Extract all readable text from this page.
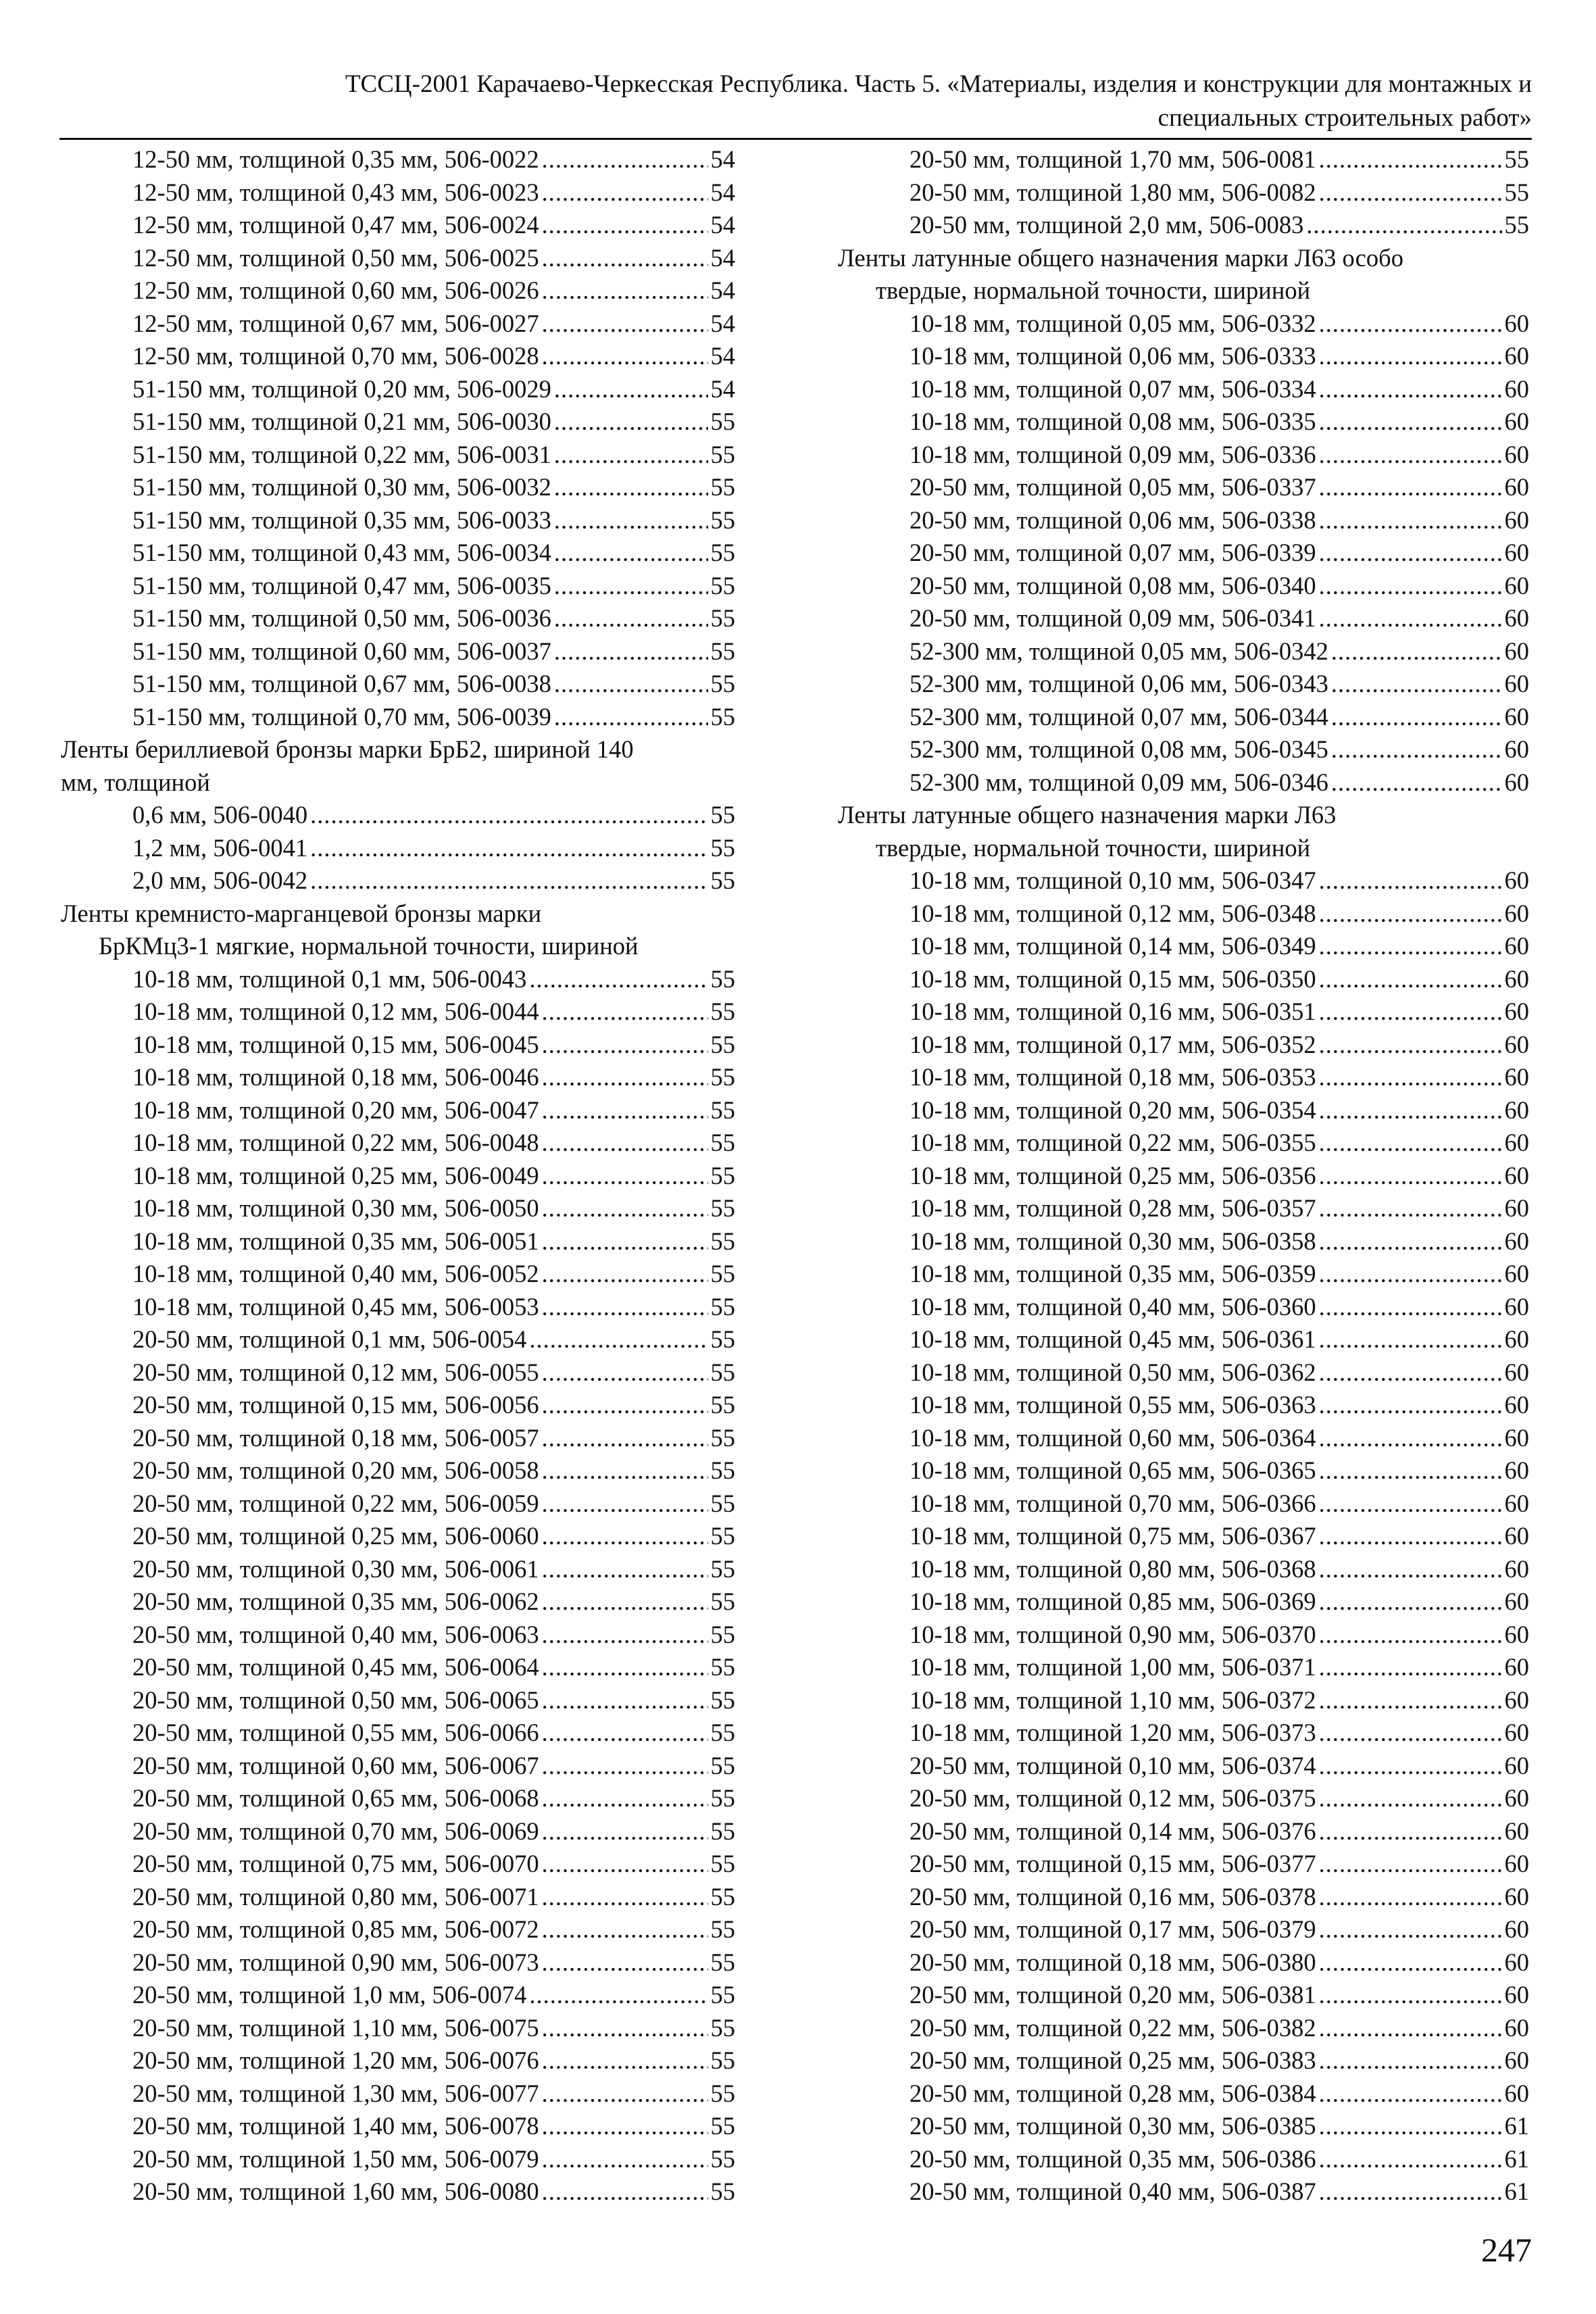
ТССЦ-2001 Карачаево-Черкесская Республика. Часть 5. «Материалы, изделия и конструкции для монтажных и
специальных строительных работ»
12-50 мм, толщиной 0,35 мм, 506-0022 .....	54
12-50 мм, толщиной 0,43 мм, 506-0023 .....	54
12-50 мм, толщиной 0,47 мм, 506-0024 .....	54
12-50 мм, толщиной 0,50 мм, 506-0025 .....	54
12-50 мм, толщиной 0,60 мм, 506-0026 .....	54
12-50 мм, толщиной 0,67 мм, 506-0027 .....	54
12-50 мм, толщиной 0,70 мм, 506-0028 .....	54
51-150 мм, толщиной 0,20 мм, 506-0029 .....	54
51-150 мм, толщиной 0,21 мм, 506-0030 .....	55
51-150 мм, толщиной 0,22 мм, 506-0031 .....	55
51-150 мм, толщиной 0,30 мм, 506-0032 .....	55
51-150 мм, толщиной 0,35 мм, 506-0033 .....	55
51-150 мм, толщиной 0,43 мм, 506-0034 .....	55
51-150 мм, толщиной 0,47 мм, 506-0035 .....	55
51-150 мм, толщиной 0,50 мм, 506-0036 .....	55
51-150 мм, толщиной 0,60 мм, 506-0037 .....	55
51-150 мм, толщиной 0,67 мм, 506-0038 .....	55
51-150 мм, толщиной 0,70 мм, 506-0039 .....	55
Ленты бериллиевой бронзы марки БрБ2, шириной 140
мм, толщиной
0,6 мм, 506-0040 .....	55
1,2 мм, 506-0041 .....	55
2,0 мм, 506-0042 .....	55
Ленты кремнисто-марганцевой бронзы марки
БрКМц3-1 мягкие, нормальной точности, шириной
10-18 мм, толщиной 0,1 мм, 506-0043 .....	55
10-18 мм, толщиной 0,12 мм, 506-0044 .....	55
10-18 мм, толщиной 0,15 мм, 506-0045 .....	55
10-18 мм, толщиной 0,18 мм, 506-0046 .....	55
10-18 мм, толщиной 0,20 мм, 506-0047 .....	55
10-18 мм, толщиной 0,22 мм, 506-0048 .....	55
10-18 мм, толщиной 0,25 мм, 506-0049 .....	55
10-18 мм, толщиной 0,30 мм, 506-0050 .....	55
10-18 мм, толщиной 0,35 мм, 506-0051 .....	55
10-18 мм, толщиной 0,40 мм, 506-0052 .....	55
10-18 мм, толщиной 0,45 мм, 506-0053 .....	55
20-50 мм, толщиной 0,1 мм, 506-0054 .....	55
20-50 мм, толщиной 0,12 мм, 506-0055 .....	55
20-50 мм, толщиной 0,15 мм, 506-0056 .....	55
20-50 мм, толщиной 0,18 мм, 506-0057 .....	55
20-50 мм, толщиной 0,20 мм, 506-0058 .....	55
20-50 мм, толщиной 0,22 мм, 506-0059 .....	55
20-50 мм, толщиной 0,25 мм, 506-0060 .....	55
20-50 мм, толщиной 0,30 мм, 506-0061 .....	55
20-50 мм, толщиной 0,35 мм, 506-0062 .....	55
20-50 мм, толщиной 0,40 мм, 506-0063 .....	55
20-50 мм, толщиной 0,45 мм, 506-0064 .....	55
20-50 мм, толщиной 0,50 мм, 506-0065 .....	55
20-50 мм, толщиной 0,55 мм, 506-0066 .....	55
20-50 мм, толщиной 0,60 мм, 506-0067 .....	55
20-50 мм, толщиной 0,65 мм, 506-0068 .....	55
20-50 мм, толщиной 0,70 мм, 506-0069 .....	55
20-50 мм, толщиной 0,75 мм, 506-0070 .....	55
20-50 мм, толщиной 0,80 мм, 506-0071 .....	55
20-50 мм, толщиной 0,85 мм, 506-0072 .....	55
20-50 мм, толщиной 0,90 мм, 506-0073 .....	55
20-50 мм, толщиной 1,0 мм, 506-0074 .....	55
20-50 мм, толщиной 1,10 мм, 506-0075 .....	55
20-50 мм, толщиной 1,20 мм, 506-0076 .....	55
20-50 мм, толщиной 1,30 мм, 506-0077 .....	55
20-50 мм, толщиной 1,40 мм, 506-0078 .....	55
20-50 мм, толщиной 1,50 мм, 506-0079 .....	55
20-50 мм, толщиной 1,60 мм, 506-0080 .....	55
20-50 мм, толщиной 1,70 мм, 506-0081 .....	55
20-50 мм, толщиной 1,80 мм, 506-0082 .....	55
20-50 мм, толщиной 2,0 мм, 506-0083 .....	55
Ленты латунные общего назначения марки Л63 особо
твердые, нормальной точности, шириной
10-18 мм, толщиной 0,05 мм, 506-0332 .....	60
10-18 мм, толщиной 0,06 мм, 506-0333 .....	60
10-18 мм, толщиной 0,07 мм, 506-0334 .....	60
10-18 мм, толщиной 0,08 мм, 506-0335 .....	60
10-18 мм, толщиной 0,09 мм, 506-0336 .....	60
20-50 мм, толщиной 0,05 мм, 506-0337 .....	60
20-50 мм, толщиной 0,06 мм, 506-0338 .....	60
20-50 мм, толщиной 0,07 мм, 506-0339 .....	60
20-50 мм, толщиной 0,08 мм, 506-0340 .....	60
20-50 мм, толщиной 0,09 мм, 506-0341 .....	60
52-300 мм, толщиной 0,05 мм, 506-0342 .....	60
52-300 мм, толщиной 0,06 мм, 506-0343 .....	60
52-300 мм, толщиной 0,07 мм, 506-0344 .....	60
52-300 мм, толщиной 0,08 мм, 506-0345 .....	60
52-300 мм, толщиной 0,09 мм, 506-0346 .....	60
Ленты латунные общего назначения марки Л63
твердые, нормальной точности, шириной
10-18 мм, толщиной 0,10 мм, 506-0347 .....	60
10-18 мм, толщиной 0,12 мм, 506-0348 .....	60
10-18 мм, толщиной 0,14 мм, 506-0349 .....	60
10-18 мм, толщиной 0,15 мм, 506-0350 .....	60
10-18 мм, толщиной 0,16 мм, 506-0351 .....	60
10-18 мм, толщиной 0,17 мм, 506-0352 .....	60
10-18 мм, толщиной 0,18 мм, 506-0353 .....	60
10-18 мм, толщиной 0,20 мм, 506-0354 .....	60
10-18 мм, толщиной 0,22 мм, 506-0355 .....	60
10-18 мм, толщиной 0,25 мм, 506-0356 .....	60
10-18 мм, толщиной 0,28 мм, 506-0357 .....	60
10-18 мм, толщиной 0,30 мм, 506-0358 .....	60
10-18 мм, толщиной 0,35 мм, 506-0359 .....	60
10-18 мм, толщиной 0,40 мм, 506-0360 .....	60
10-18 мм, толщиной 0,45 мм, 506-0361 .....	60
10-18 мм, толщиной 0,50 мм, 506-0362 .....	60
10-18 мм, толщиной 0,55 мм, 506-0363 .....	60
10-18 мм, толщиной 0,60 мм, 506-0364 .....	60
10-18 мм, толщиной 0,65 мм, 506-0365 .....	60
10-18 мм, толщиной 0,70 мм, 506-0366 .....	60
10-18 мм, толщиной 0,75 мм, 506-0367 .....	60
10-18 мм, толщиной 0,80 мм, 506-0368 .....	60
10-18 мм, толщиной 0,85 мм, 506-0369 .....	60
10-18 мм, толщиной 0,90 мм, 506-0370 .....	60
10-18 мм, толщиной 1,00 мм, 506-0371 .....	60
10-18 мм, толщиной 1,10 мм, 506-0372 .....	60
10-18 мм, толщиной 1,20 мм, 506-0373 .....	60
20-50 мм, толщиной 0,10 мм, 506-0374 .....	60
20-50 мм, толщиной 0,12 мм, 506-0375 .....	60
20-50 мм, толщиной 0,14 мм, 506-0376 .....	60
20-50 мм, толщиной 0,15 мм, 506-0377 .....	60
20-50 мм, толщиной 0,16 мм, 506-0378 .....	60
20-50 мм, толщиной 0,17 мм, 506-0379 .....	60
20-50 мм, толщиной 0,18 мм, 506-0380 .....	60
20-50 мм, толщиной 0,20 мм, 506-0381 .....	60
20-50 мм, толщиной 0,22 мм, 506-0382 .....	60
20-50 мм, толщиной 0,25 мм, 506-0383 .....	60
20-50 мм, толщиной 0,28 мм, 506-0384 .....	60
20-50 мм, толщиной 0,30 мм, 506-0385 .....	61
20-50 мм, толщиной 0,35 мм, 506-0386 .....	61
20-50 мм, толщиной 0,40 мм, 506-0387 .....	61
247
